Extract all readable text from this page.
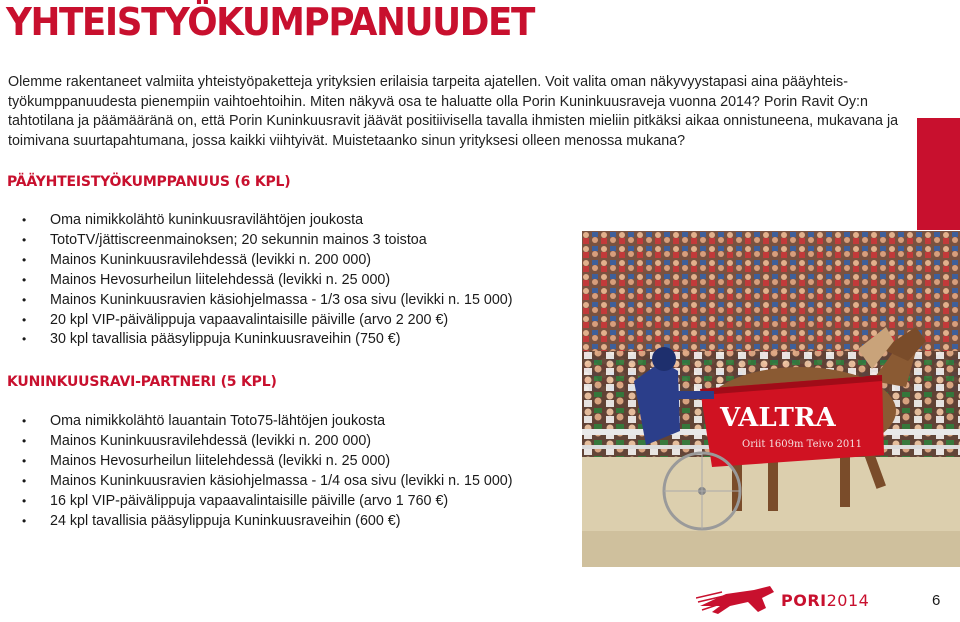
YHTEISTYÖKUMPPANUUDET

Olemme rakentaneet valmiita yhteistyöpaketteja yrityksien erilaisia tarpeita ajatellen. Voit valita oman näkyvyystapasi aina pääyhteis-työkumppanuudesta pienempiin vaihtoehtoihin. Miten näkyvä osa te haluatte olla Porin Kuninkuusraveja vuonna 2014? Porin Ravit Oy:n tahtotilana ja päämääränä on, että Porin Kuninkuusravit jäävät positiivisella tavalla ihmisten mieliin pitkäksi aikaa onnistuneena, mukavana ja toimivana suurtapahtumana, jossa kaikki viihtyivät. Muistetaanko sinun yrityksesi olleen menossa mukana?

PÄÄYHTEISTYÖKUMPPANUUS (6 KPL)
• Oma nimikkolähtö kuninkuusravilähtöjen joukosta
• TotoTV/jättiscreenmainoksen; 20 sekunnin mainos 3 toistoa
• Mainos Kuninkuusravilehdessä (levikki n. 200 000)
• Mainos Hevosurheilun liitelehdessä (levikki n. 25 000)
• Mainos Kuninkuusravien käsiohjelmassa - 1/3 osa sivu (levikki n. 15 000)
• 20 kpl VIP-päivälippuja vapaavalintaisille päiville (arvo 2 200 €)
• 30 kpl tavallisia pääsylippuja Kuninkuusraveihin (750 €)
KUNINKUUSRAVI-PARTNERI (5 KPL)
• Oma nimikkolähtö lauantain Toto75-lähtöjen joukosta
• Mainos Kuninkuusravilehdessä (levikki n. 200 000)
• Mainos Hevosurheilun liitelehdessä (levikki n. 25 000)
• Mainos Kuninkuusravien käsiohjelmassa - 1/4 osa sivu (levikki n. 15 000)
• 16 kpl VIP-päivälippuja vapaavalintaisille päiville (arvo 1 760 €)
• 24 kpl tavallisia pääsylippuja Kuninkuusraveihin (600 €)
VALTRA
Oriit 1609m Teivo 2011
PORI2014	6
